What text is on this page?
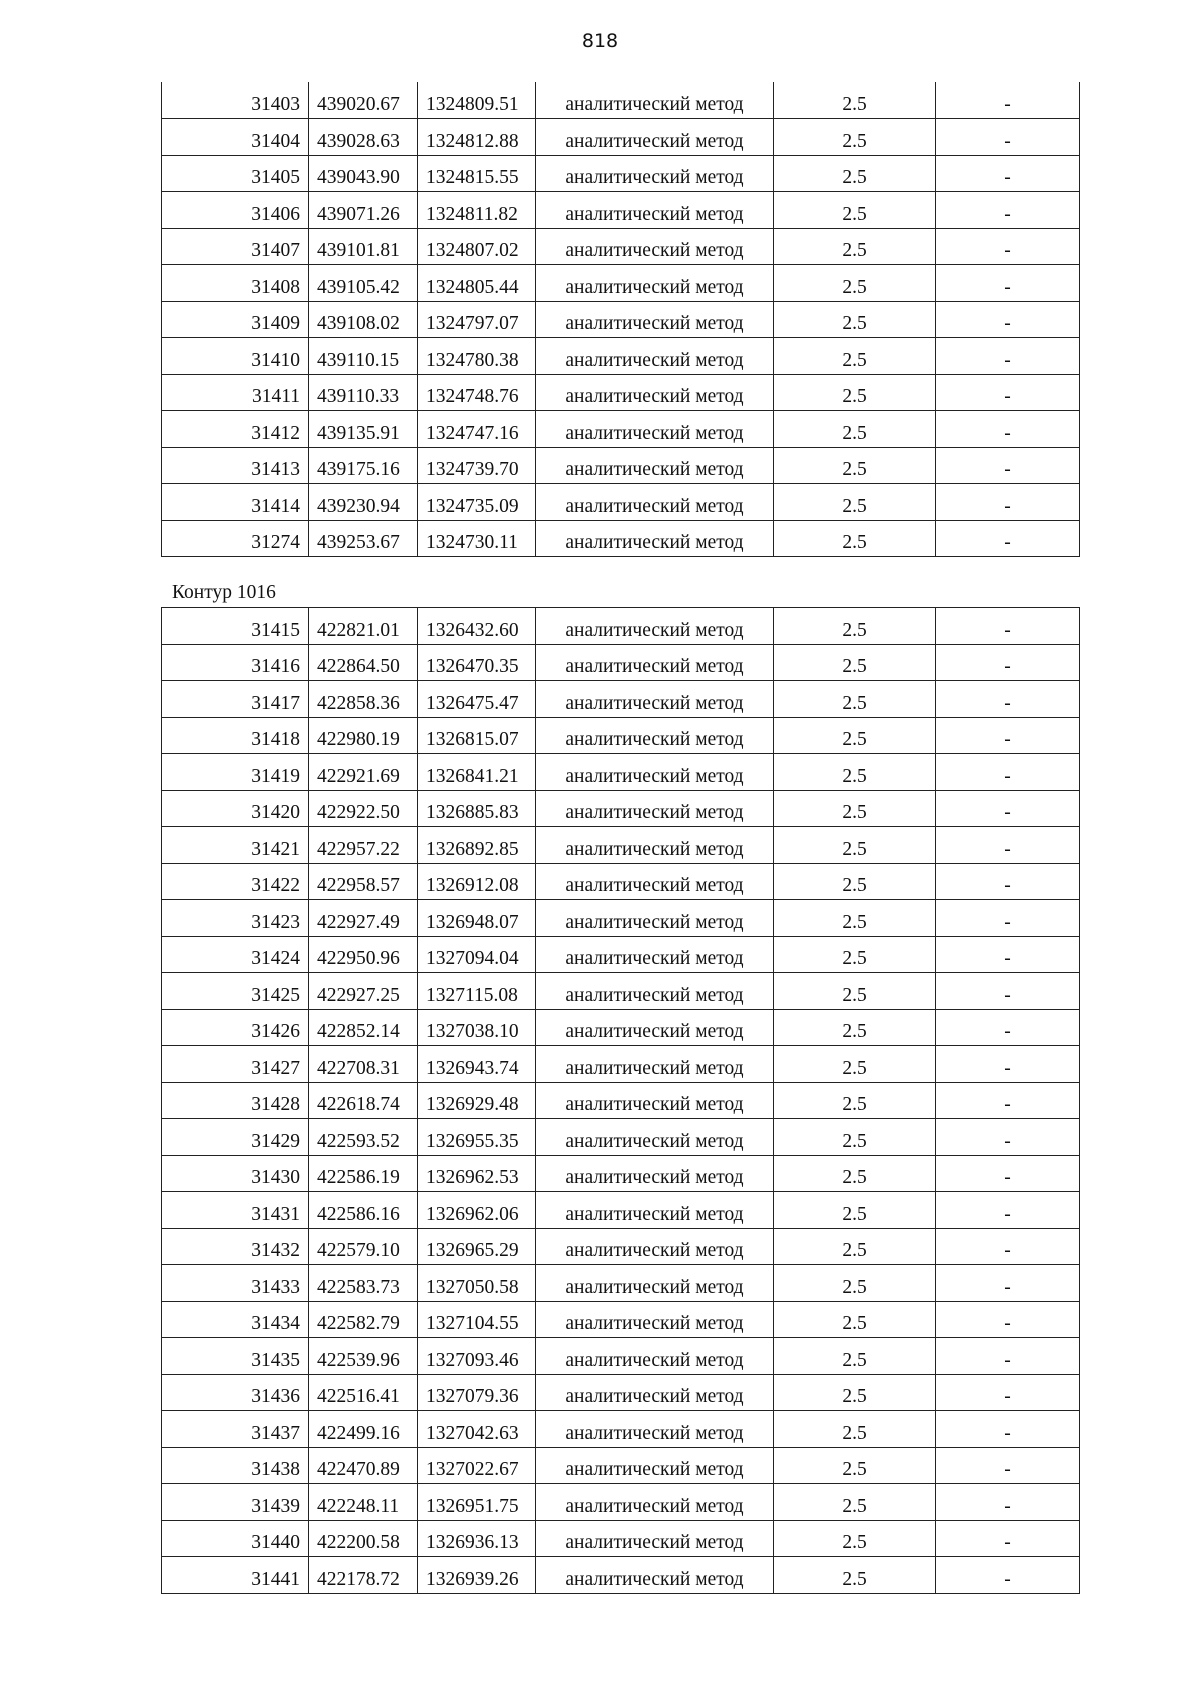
818
31403	439020.67	1324809.51	аналитический метод	2.5	-
31404	439028.63	1324812.88	аналитический метод	2.5	-
31405	439043.90	1324815.55	аналитический метод	2.5	-
31406	439071.26	1324811.82	аналитический метод	2.5	-
31407	439101.81	1324807.02	аналитический метод	2.5	-
31408	439105.42	1324805.44	аналитический метод	2.5	-
31409	439108.02	1324797.07	аналитический метод	2.5	-
31410	439110.15	1324780.38	аналитический метод	2.5	-
31411	439110.33	1324748.76	аналитический метод	2.5	-
31412	439135.91	1324747.16	аналитический метод	2.5	-
31413	439175.16	1324739.70	аналитический метод	2.5	-
31414	439230.94	1324735.09	аналитический метод	2.5	-
31274	439253.67	1324730.11	аналитический метод	2.5	-
Контур 1016
31415	422821.01	1326432.60	аналитический метод	2.5	-
31416	422864.50	1326470.35	аналитический метод	2.5	-
31417	422858.36	1326475.47	аналитический метод	2.5	-
31418	422980.19	1326815.07	аналитический метод	2.5	-
31419	422921.69	1326841.21	аналитический метод	2.5	-
31420	422922.50	1326885.83	аналитический метод	2.5	-
31421	422957.22	1326892.85	аналитический метод	2.5	-
31422	422958.57	1326912.08	аналитический метод	2.5	-
31423	422927.49	1326948.07	аналитический метод	2.5	-
31424	422950.96	1327094.04	аналитический метод	2.5	-
31425	422927.25	1327115.08	аналитический метод	2.5	-
31426	422852.14	1327038.10	аналитический метод	2.5	-
31427	422708.31	1326943.74	аналитический метод	2.5	-
31428	422618.74	1326929.48	аналитический метод	2.5	-
31429	422593.52	1326955.35	аналитический метод	2.5	-
31430	422586.19	1326962.53	аналитический метод	2.5	-
31431	422586.16	1326962.06	аналитический метод	2.5	-
31432	422579.10	1326965.29	аналитический метод	2.5	-
31433	422583.73	1327050.58	аналитический метод	2.5	-
31434	422582.79	1327104.55	аналитический метод	2.5	-
31435	422539.96	1327093.46	аналитический метод	2.5	-
31436	422516.41	1327079.36	аналитический метод	2.5	-
31437	422499.16	1327042.63	аналитический метод	2.5	-
31438	422470.89	1327022.67	аналитический метод	2.5	-
31439	422248.11	1326951.75	аналитический метод	2.5	-
31440	422200.58	1326936.13	аналитический метод	2.5	-
31441	422178.72	1326939.26	аналитический метод	2.5	-
